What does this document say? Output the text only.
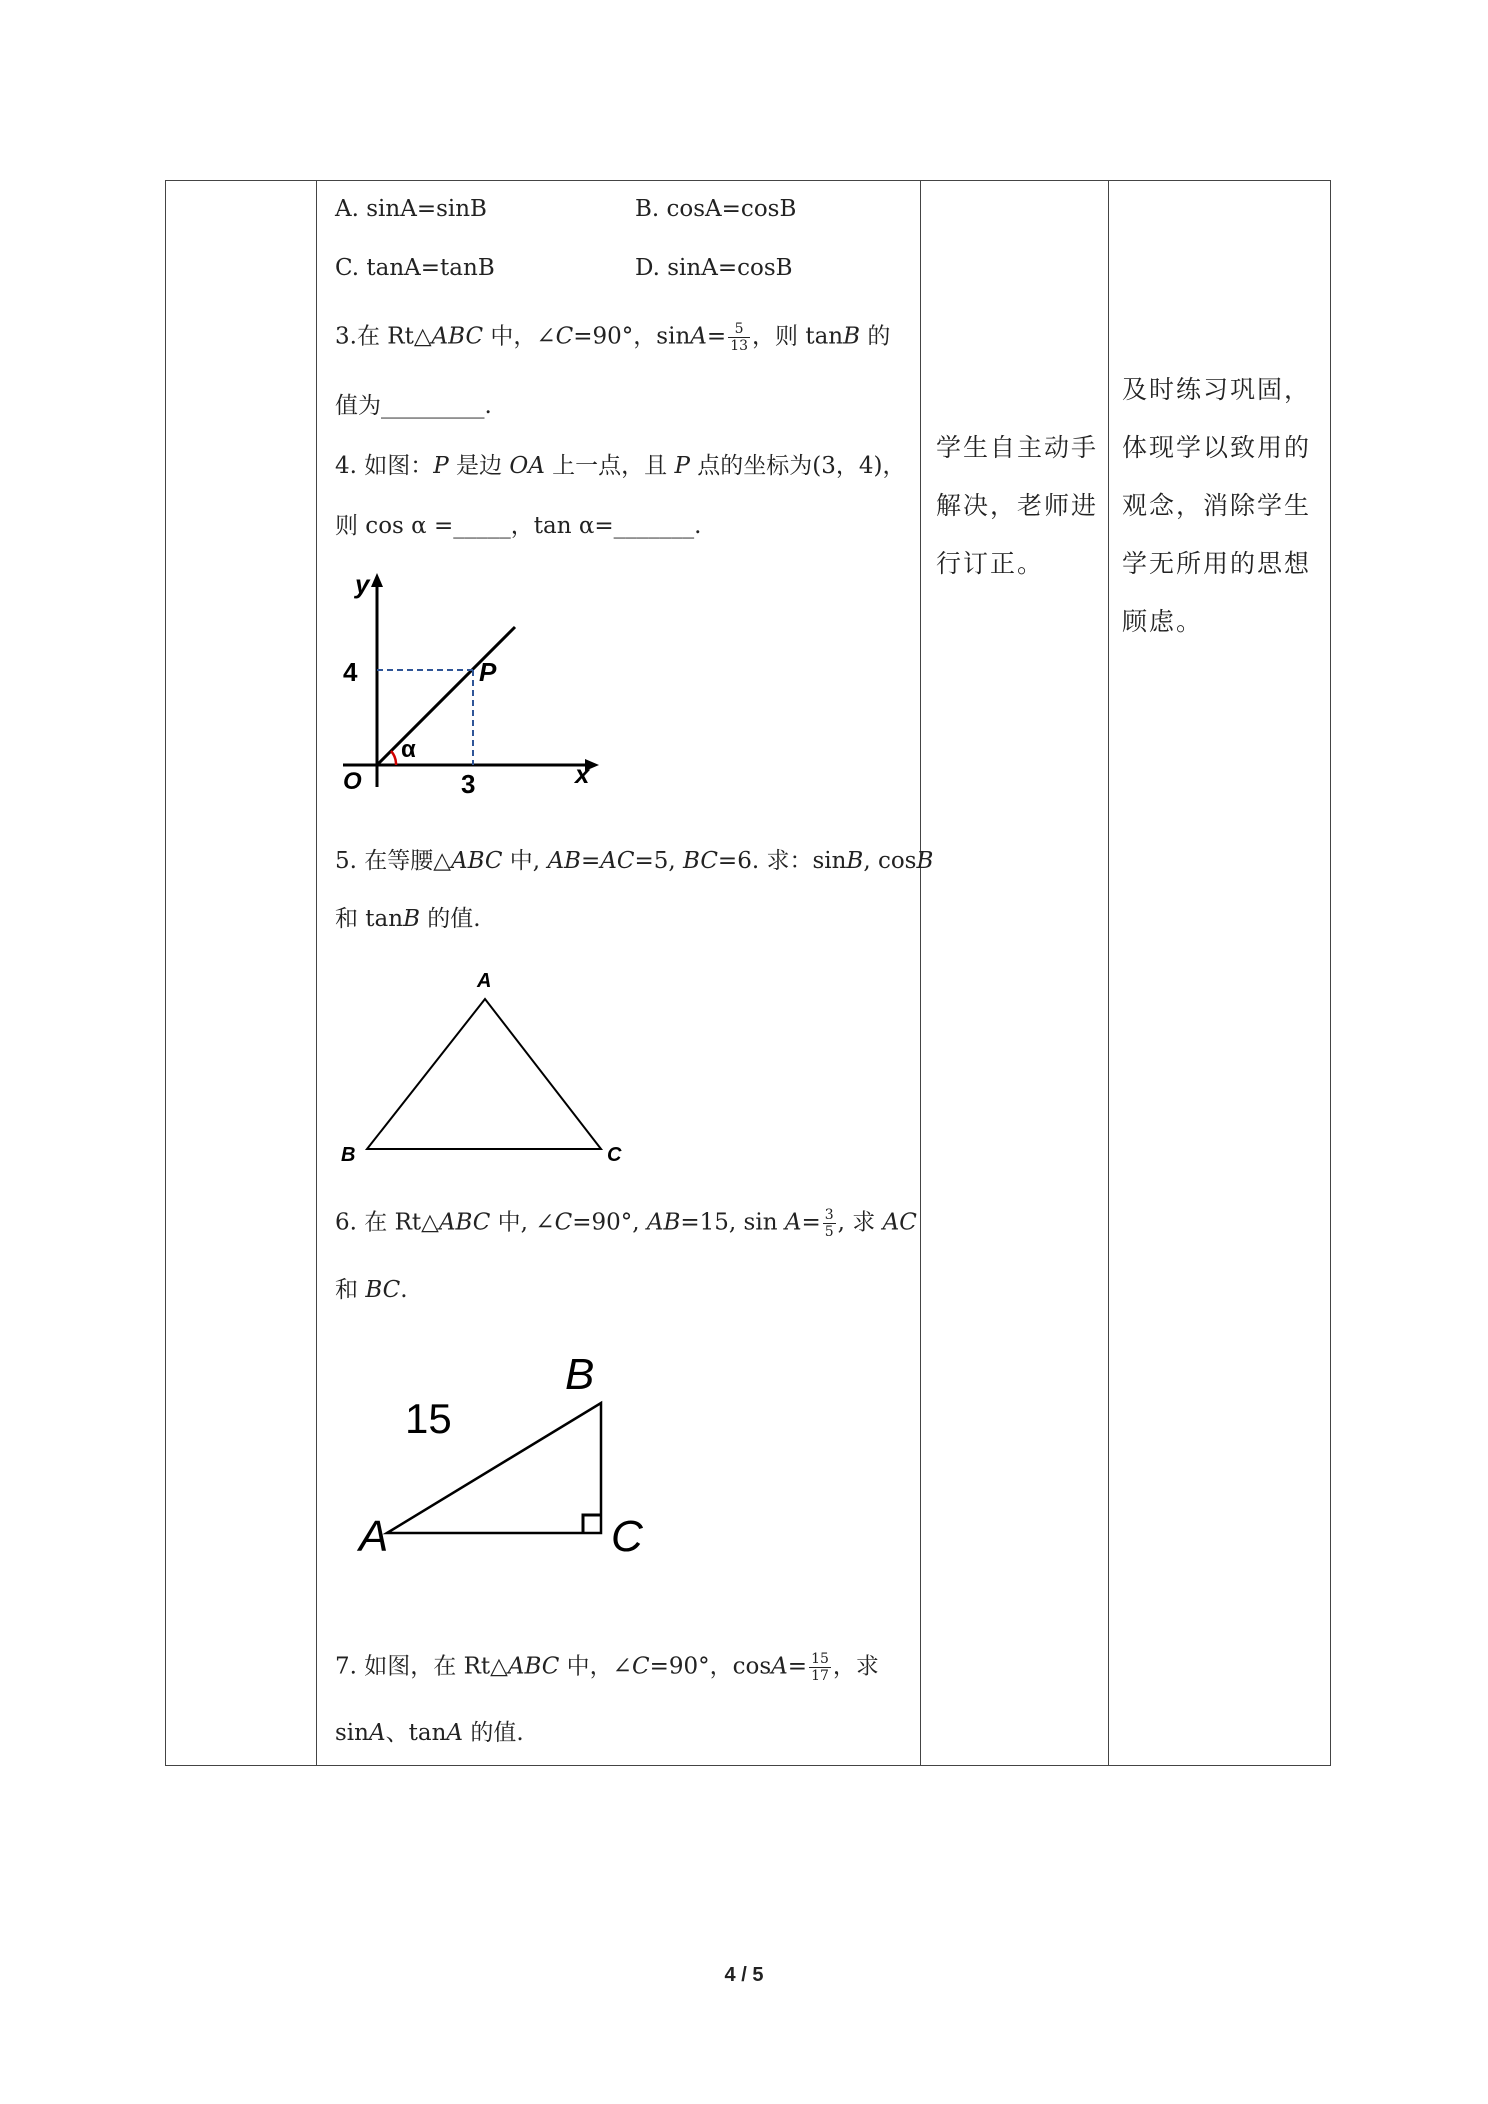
A. sinA=sinB	B. cosA=cosB
C. tanA=tanB	D. sinA=cosB
3.在 Rt△ABC 中，∠C=90°，$\sin A= \frac{5}{13}$ ，则 tanB 的
值为_________.
4. 如图：P 是边 OA 上一点，且 P 点的坐标为(3，4)，
则 cos α =_____，tan α=_______.
y
x
O
4
3
P
α
5. 在等腰△ABC 中, AB=AC=5, BC=6. 求：sinB, cosB
和 tanB 的值.
A
B	C
6. 在 Rt△ABC 中, ∠C=90°, AB=15, $\sin A= \frac{3}{5}$ , 求 AC
和 BC.
B
A	C
15
7. 如图，在 Rt△ABC 中，∠C=90°，$\cos A= \frac{15}{17}$ ，求
sinA、tanA 的值.
学生自主动手
解决，老师进
行订正。
及时练习巩固，
体现学以致用的
观念，消除学生
学无所用的思想
顾虑。
4 / 5
